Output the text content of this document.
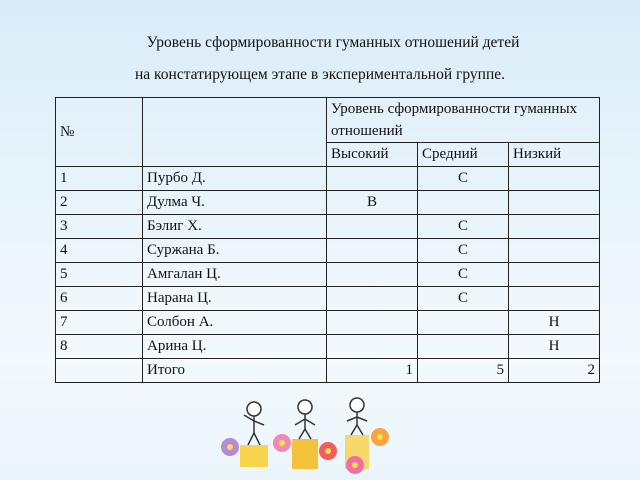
Уровень сформированности гуманных отношений детей

на констатирующем этапе в экспериментальной группе.

№		Уровень сформированности гуманных отношений		
		Высокий	Средний	Низкий
1	Пурбо Д.		С	
2	Дулма Ч.	В		
3	Бэлиг Х.		С	
4	Суржана Б.		С	
5	Амгалан Ц.		С	
6	Нарана Ц.		С	
7	Солбон А.			Н
8	Арина Ц.			Н
	Итого	1	5	2
